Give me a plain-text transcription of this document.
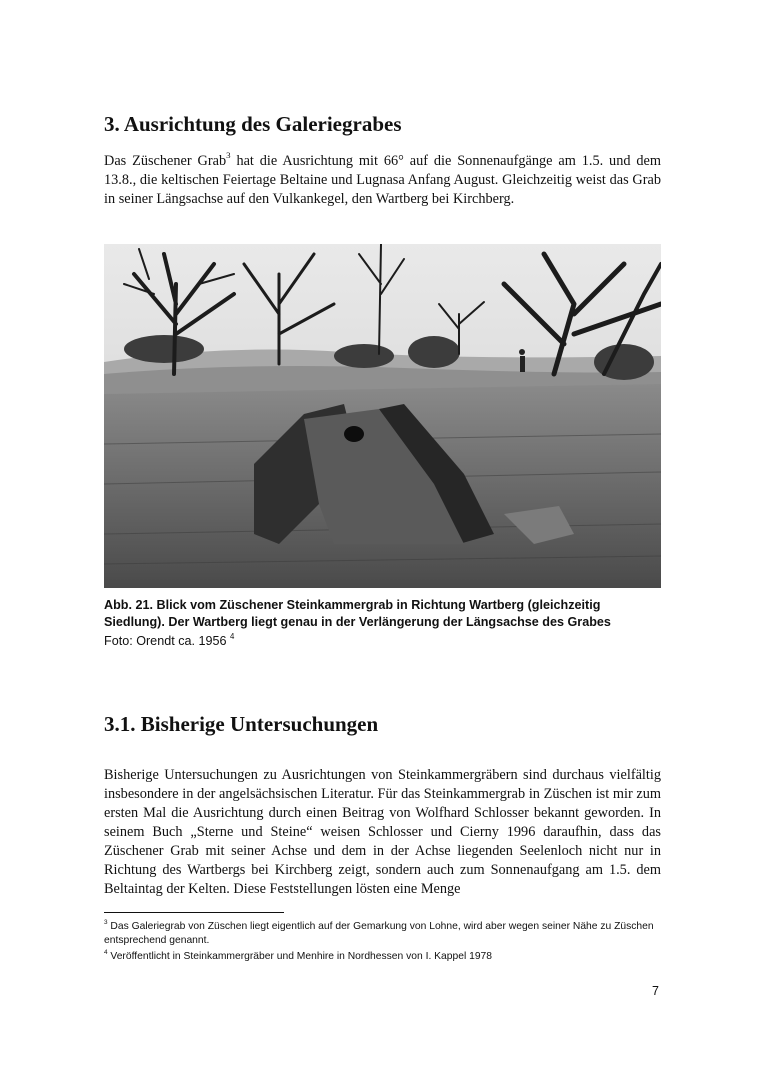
3. Ausrichtung des Galeriegrabes

Das Züschener Grab$^3$ hat die Ausrichtung mit 66° auf die Sonnenaufgänge am 1.5. und dem 13.8., die keltischen Feiertage Beltaine und Lugnasa Anfang August. Gleichzeitig weist das Grab in seiner Längsachse auf den Vulkankegel, den Wartberg bei Kirchberg.

Abb. 21. Blick vom Züschener Steinkammergrab in Richtung Wartberg (gleichzeitig

Siedlung). Der Wartberg liegt genau in der Verlängerung der Längsachse des Grabes

Foto: Orendt ca. 1956 $^4$

3.1. Bisherige Untersuchungen

Bisherige Untersuchungen zu Ausrichtungen von Steinkammergräbern sind durchaus vielfältig insbesondere in der angelsächsischen Literatur. Für das Steinkammergrab in Züschen ist mir zum ersten Mal die Ausrichtung durch einen Beitrag von Wolfhard Schlosser bekannt geworden. In seinem Buch „Sterne und Steine“ weisen Schlosser und Cierny 1996 daraufhin, dass das Züschener Grab mit seiner Achse und dem in der Achse liegenden Seelenloch nicht nur in Richtung des Wartbergs bei Kirchberg zeigt, sondern auch zum Sonnenaufgang am 1.5. dem Beltaintag der Kelten. Diese Feststellungen lösten eine Menge

$^3$ Das Galeriegrab von Züschen liegt eigentlich auf der Gemarkung von Lohne, wird aber wegen seiner Nähe zu Züschen entsprechend genannt.

$^4$ Veröffentlicht in Steinkammergräber und Menhire in Nordhessen von I. Kappel 1978

7
